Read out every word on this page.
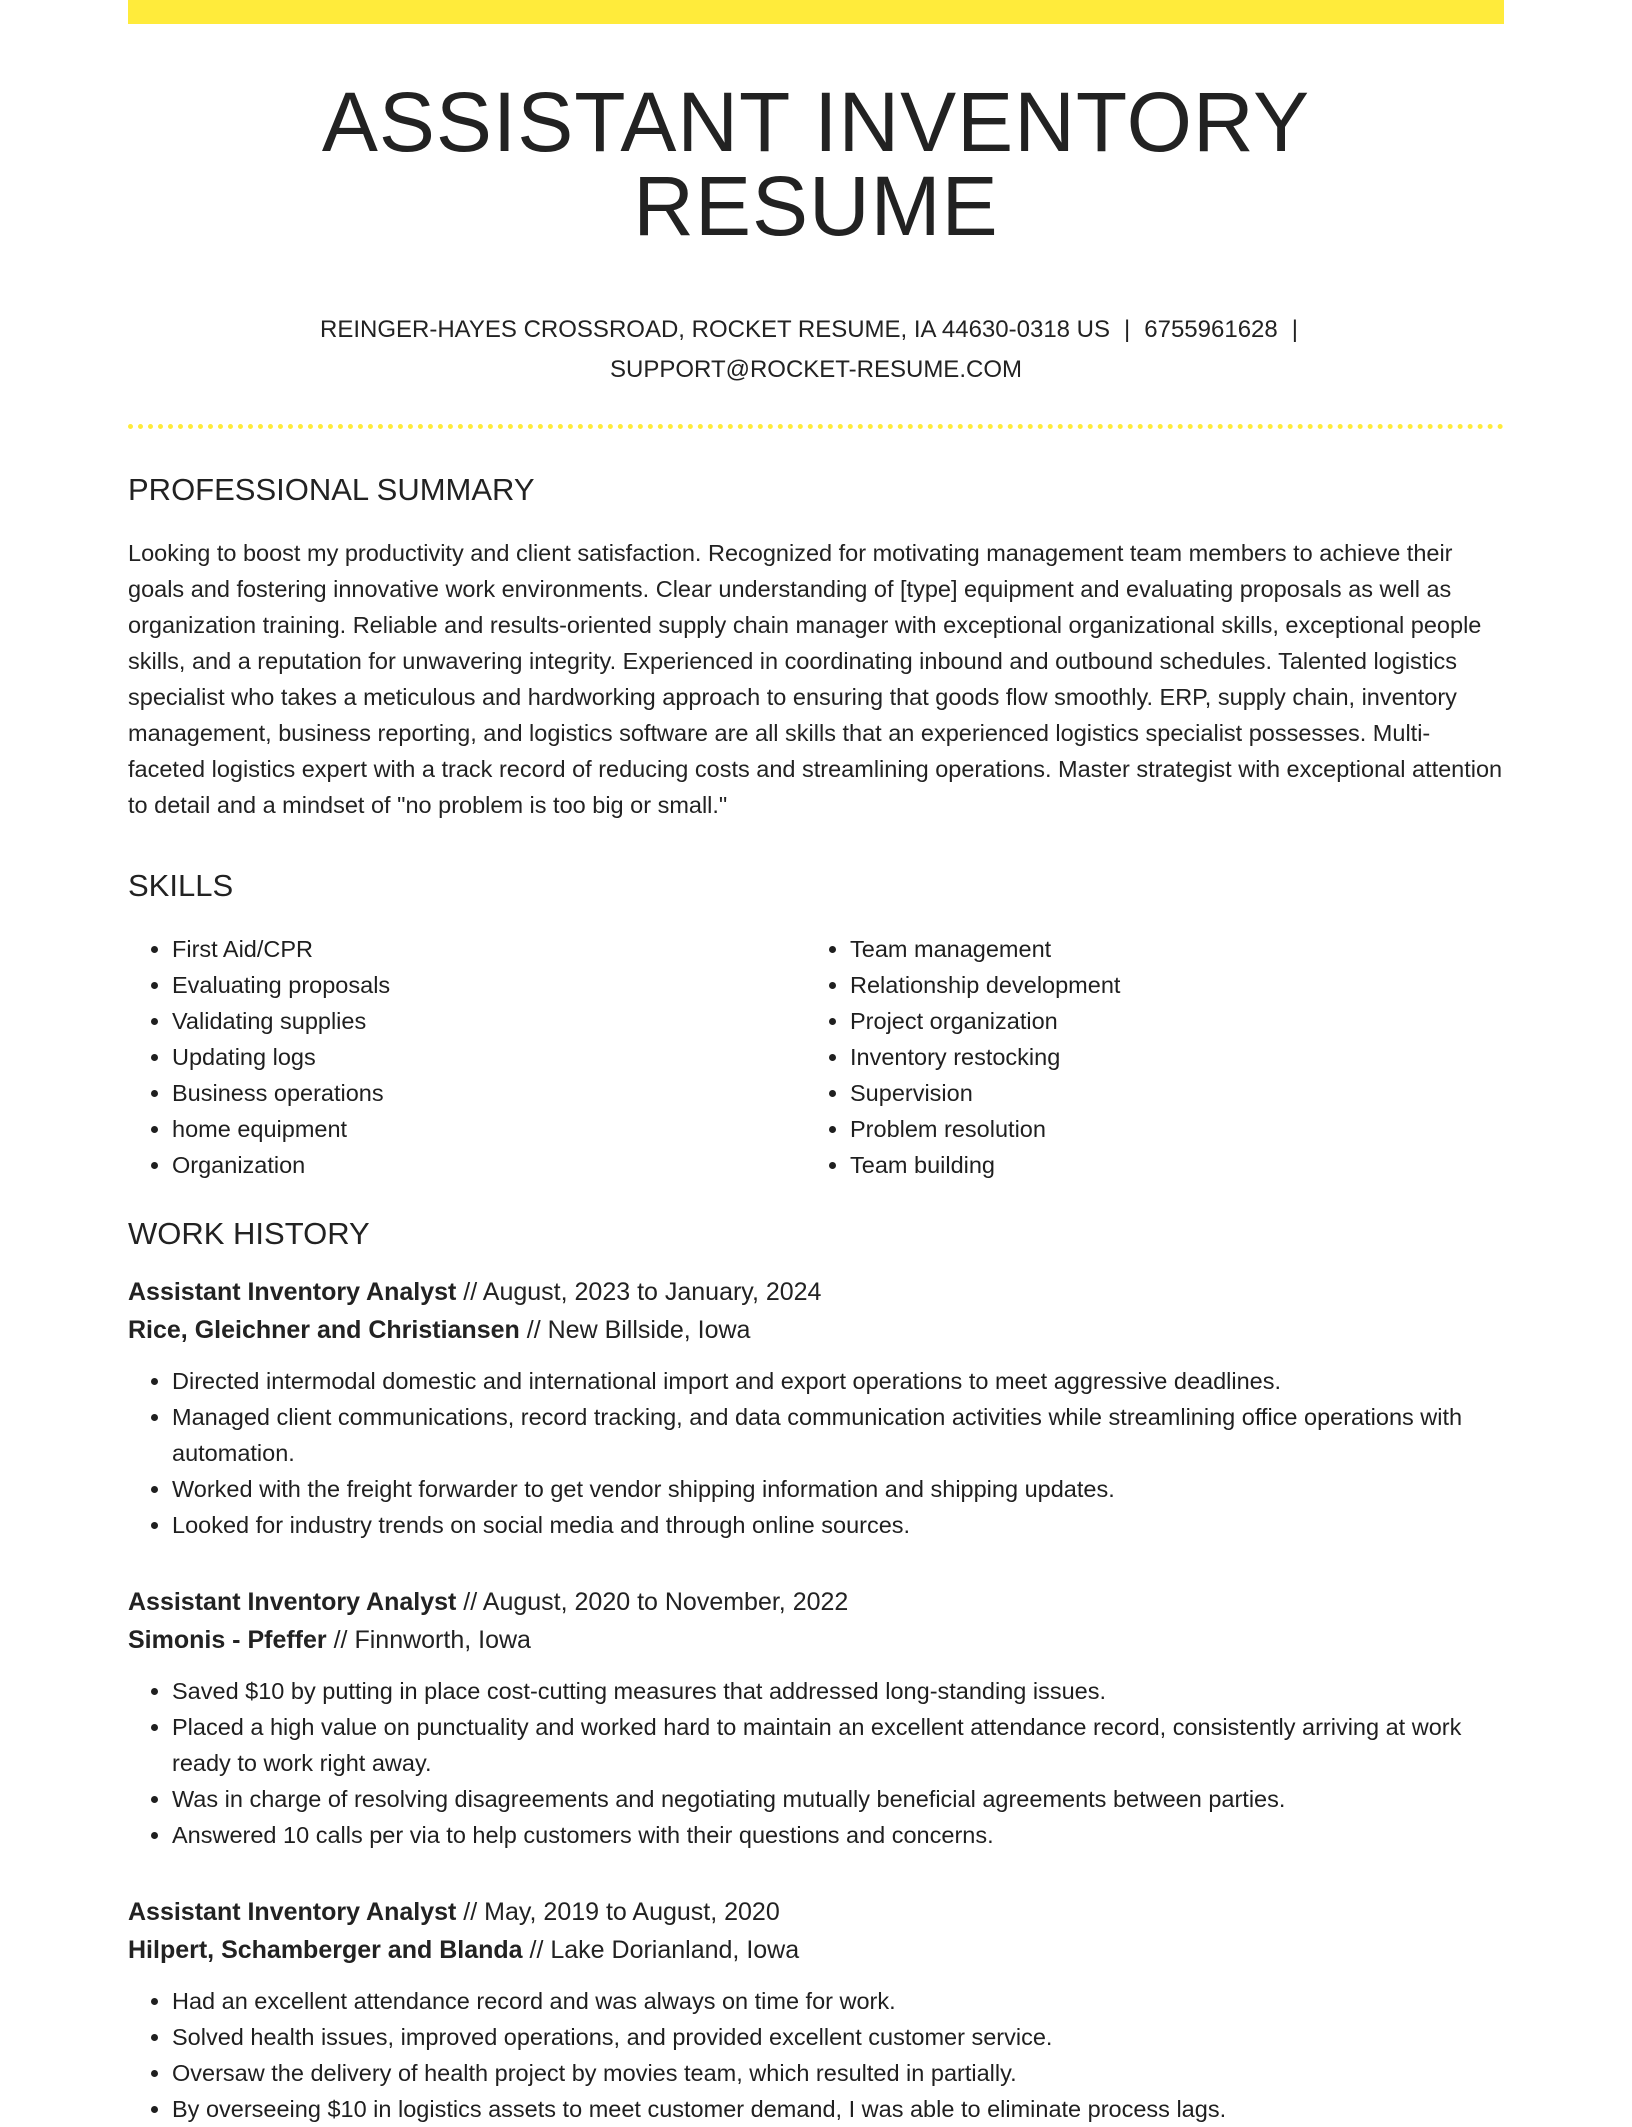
ASSISTANT INVENTORY RESUME
REINGER-HAYES CROSSROAD, ROCKET RESUME, IA 44630-0318 US | 6755961628 |
SUPPORT@ROCKET-RESUME.COM
PROFESSIONAL SUMMARY

Looking to boost my productivity and client satisfaction. Recognized for motivating management team members to achieve their goals and fostering innovative work environments. Clear understanding of [type] equipment and evaluating proposals as well as organization training. Reliable and results-oriented supply chain manager with exceptional organizational skills, exceptional people skills, and a reputation for unwavering integrity. Experienced in coordinating inbound and outbound schedules. Talented logistics specialist who takes a meticulous and hardworking approach to ensuring that goods flow smoothly. ERP, supply chain, inventory management, business reporting, and logistics software are all skills that an experienced logistics specialist possesses. Multi-faceted logistics expert with a track record of reducing costs and streamlining operations. Master strategist with exceptional attention to detail and a mindset of "no problem is too big or small."

SKILLS
• First Aid/CPR
• Evaluating proposals
• Validating supplies
• Updating logs
• Business operations
• home equipment
• Organization
• Team management
• Relationship development
• Project organization
• Inventory restocking
• Supervision
• Problem resolution
• Team building
WORK HISTORY
Assistant Inventory Analyst // August, 2023 to January, 2024
Rice, Gleichner and Christiansen // New Billside, Iowa
• Directed intermodal domestic and international import and export operations to meet aggressive deadlines.
• Managed client communications, record tracking, and data communication activities while streamlining office operations with automation.
• Worked with the freight forwarder to get vendor shipping information and shipping updates.
• Looked for industry trends on social media and through online sources.
Assistant Inventory Analyst // August, 2020 to November, 2022
Simonis - Pfeffer // Finnworth, Iowa
• Saved $10 by putting in place cost-cutting measures that addressed long-standing issues.
• Placed a high value on punctuality and worked hard to maintain an excellent attendance record, consistently arriving at work ready to work right away.
• Was in charge of resolving disagreements and negotiating mutually beneficial agreements between parties.
• Answered 10 calls per via to help customers with their questions and concerns.
Assistant Inventory Analyst // May, 2019 to August, 2020
Hilpert, Schamberger and Blanda // Lake Dorianland, Iowa
• Had an excellent attendance record and was always on time for work.
• Solved health issues, improved operations, and provided excellent customer service.
• Oversaw the delivery of health project by movies team, which resulted in partially.
• By overseeing $10 in logistics assets to meet customer demand, I was able to eliminate process lags.
